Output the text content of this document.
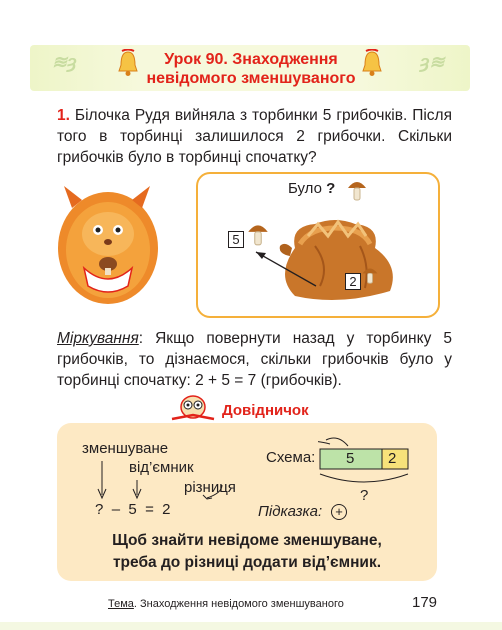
≋ȝ	ȝ≋
Урок 90. Знаходження
невідомого зменшуваного
1. Білочка Рудя вийняла з торбинки 5 грибочків. Після того в торбинці залишилося 2 грибочки. Скільки грибочків було в торбинці спочатку?
Було ?
5
2
Міркування: Якщо повернути назад у торбинку 5 грибочків, то дізнаємося, скільки грибочків було у торбинці спочатку: 2 + 5 = 7 (грибочків).
Довідничок
зменшуване
від’ємник
різниця
? – 5 = 2
Схема: 5 2
?
Підказка:	+
Щоб знайти невідоме зменшуване,
треба до різниці додати від’ємник.
Тема. Знаходження невідомого зменшуваного	179
